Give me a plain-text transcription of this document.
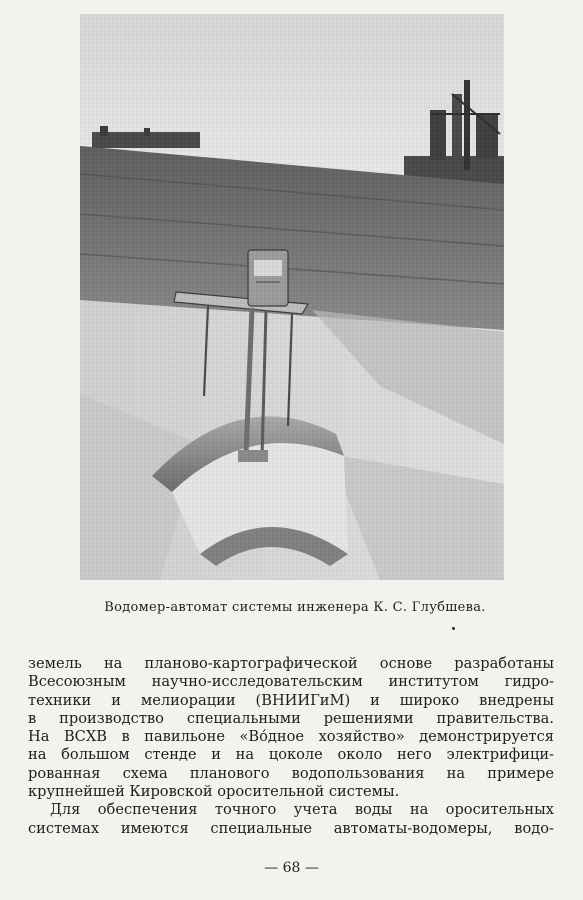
Водомер-автомат системы инженера К. С. Глубшева.

земель на планово-картографической основе разработаны
Всесоюзным научно-исследовательским институтом гидро-
техники и мелиорации (ВНИИГиМ) и широко внедрены
в производство специальными решениями правительства.
На ВСХВ в павильоне «Во́дное хозяйство» демонстрируется
на большом стенде и на цоколе около него электрифици-
рованная схема планового водопользования на примере
крупнейшей Кировской оросительной системы.
Для обеспечения точного учета воды на оросительных
системах имеются специальные автоматы-водомеры, водо-

— 68 —
